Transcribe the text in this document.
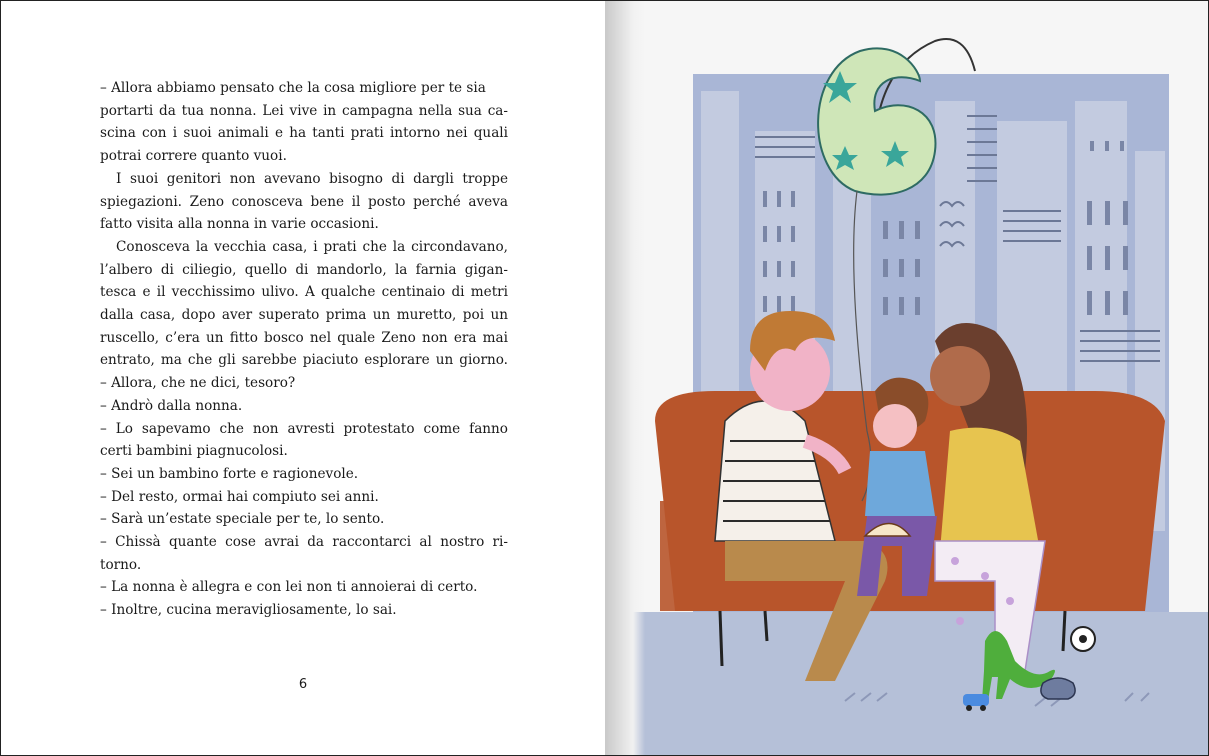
– Allora abbiamo pensato che la cosa migliore per te sia
portarti da tua nonna. Lei vive in campagna nella sua ca-
scina con i suoi animali e ha tanti prati intorno nei quali
potrai correre quanto vuoi.
I suoi genitori non avevano bisogno di dargli troppe
spiegazioni. Zeno conosceva bene il posto perché aveva
fatto visita alla nonna in varie occasioni.
Conosceva la vecchia casa, i prati che la circondavano,
l’albero di ciliegio, quello di mandorlo, la farnia gigan-
tesca e il vecchissimo ulivo. A qualche centinaio di metri
dalla casa, dopo aver superato prima un muretto, poi un
ruscello, c’era un fitto bosco nel quale Zeno non era mai
entrato, ma che gli sarebbe piaciuto esplorare un giorno.
– Allora, che ne dici, tesoro?
– Andrò dalla nonna.
– Lo sapevamo che non avresti protestato come fanno
certi bambini piagnucolosi.
– Sei un bambino forte e ragionevole.
– Del resto, ormai hai compiuto sei anni.
– Sarà un’estate speciale per te, lo sento.
– Chissà quante cose avrai da raccontarci al nostro ri-
torno.
– La nonna è allegra e con lei non ti annoierai di certo.
– Inoltre, cucina meravigliosamente, lo sai.
6
6
